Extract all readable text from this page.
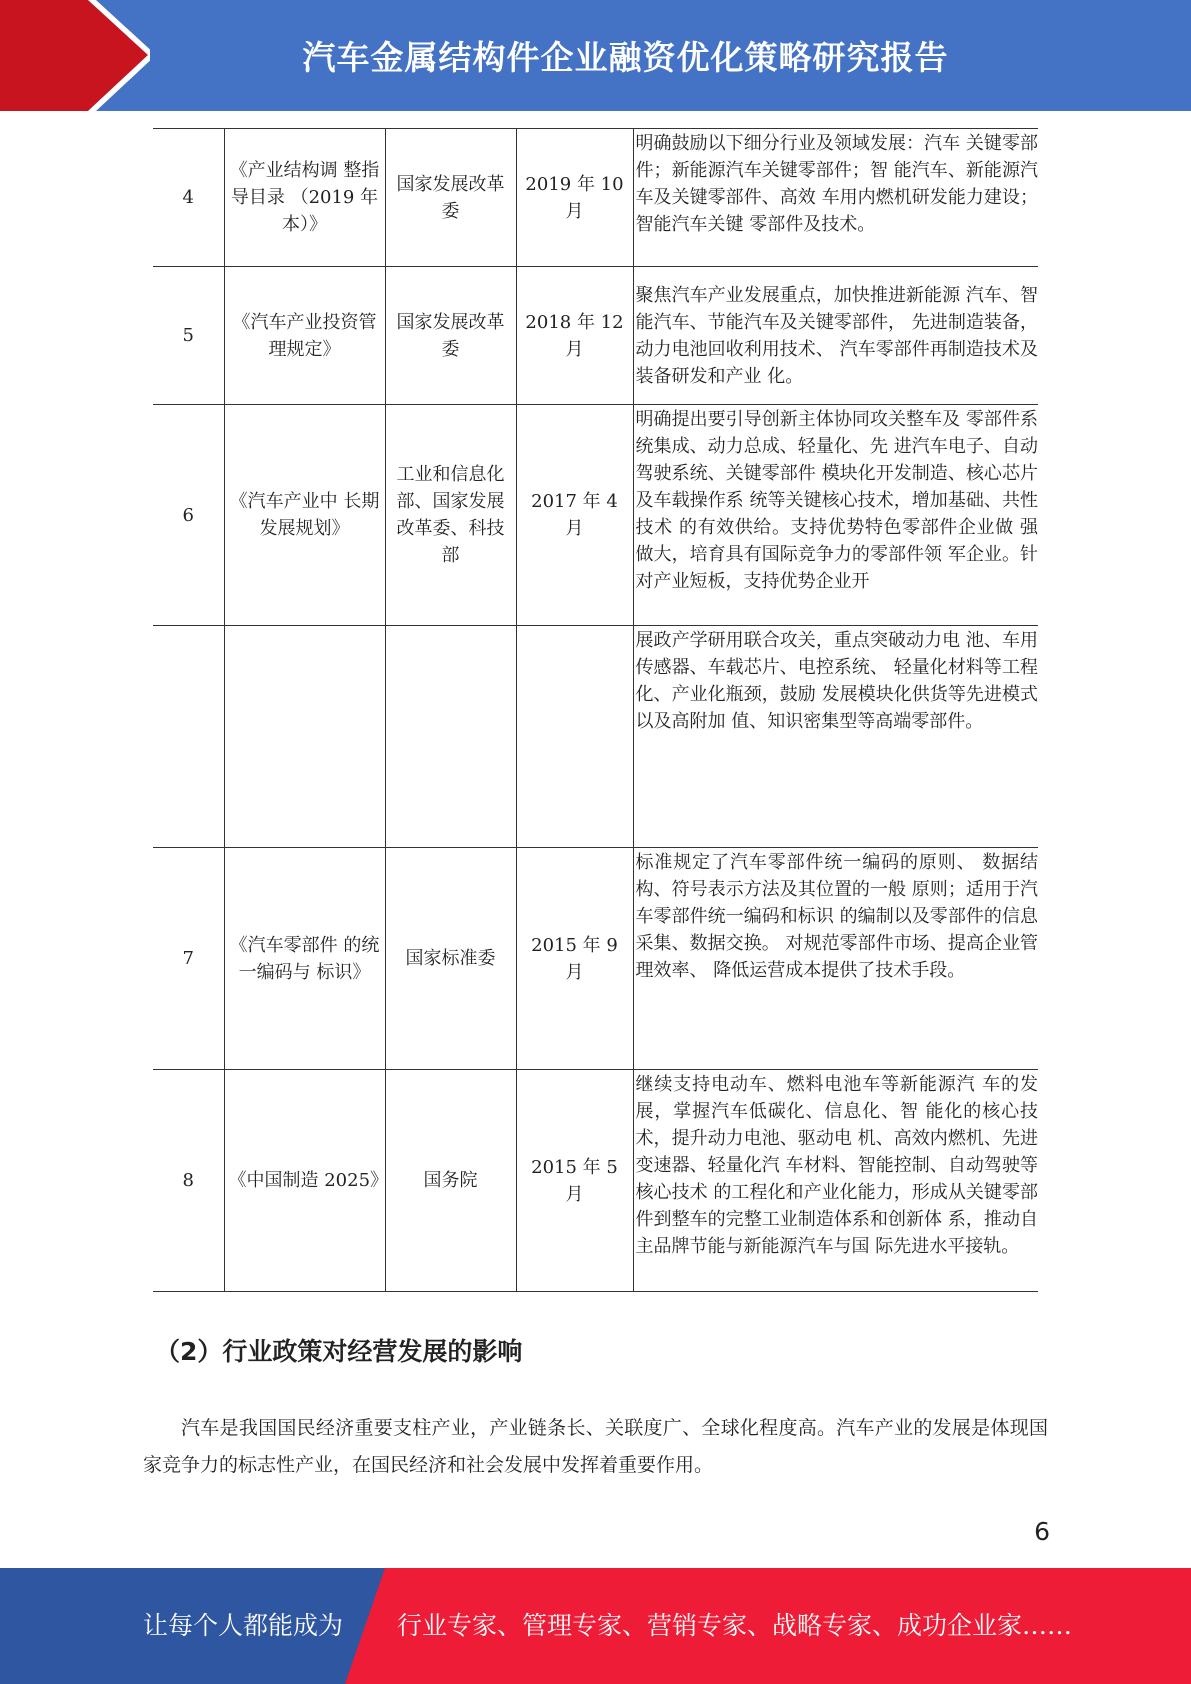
汽车金属结构件企业融资优化策略研究报告
4	《产业结构调 整指导目录 （2019 年本）》	国家发展改革委	2019 年 10 月	明确鼓励以下细分行业及领域发展：汽车 关键零部件；新能源汽车关键零部件；智 能汽车、新能源汽车及关键零部件、高效 车用内燃机研发能力建设；智能汽车关键 零部件及技术。
5	《汽车产业投资管理规定》	国家发展改革委	2018 年 12 月	聚焦汽车产业发展重点，加快推进新能源 汽车、智能汽车、节能汽车及关键零部件， 先进制造装备，动力电池回收利用技术、 汽车零部件再制造技术及装备研发和产业 化。
6	《汽车产业中 长期发展规划》	工业和信息化部、国家发展改革委、科技部	2017 年 4 月	明确提出要引导创新主体协同攻关整车及 零部件系统集成、动力总成、轻量化、先 进汽车电子、自动驾驶系统、关键零部件 模块化开发制造、核心芯片及车载操作系 统等关键核心技术，增加基础、共性技术 的有效供给。支持优势特色零部件企业做 强做大，培育具有国际竞争力的零部件领 军企业。针对产业短板，支持优势企业开
				展政产学研用联合攻关，重点突破动力电 池、车用传感器、车载芯片、电控系统、 轻量化材料等工程化、产业化瓶颈，鼓励 发展模块化供货等先进模式以及高附加 值、知识密集型等高端零部件。
7	《汽车零部件 的统一编码与 标识》	国家标准委	2015 年 9 月	标准规定了汽车零部件统一编码的原则、 数据结构、符号表示方法及其位置的一般 原则；适用于汽车零部件统一编码和标识 的编制以及零部件的信息采集、数据交换。 对规范零部件市场、提高企业管理效率、 降低运营成本提供了技术手段。
8	《中国制造 2025》	国务院	2015 年 5 月	继续支持电动车、燃料电池车等新能源汽 车的发展，掌握汽车低碳化、信息化、智 能化的核心技术，提升动力电池、驱动电 机、高效内燃机、先进变速器、轻量化汽 车材料、智能控制、自动驾驶等核心技术 的工程化和产业化能力，形成从关键零部 件到整车的完整工业制造体系和创新体 系，推动自主品牌节能与新能源汽车与国 际先进水平接轨。
（2）行业政策对经营发展的影响
汽车是我国国民经济重要支柱产业，产业链条长、关联度广、全球化程度高。汽车产业的发展是体现国家竞争力的标志性产业，在国民经济和社会发展中发挥着重要作用。
6
让每个人都能成为 行业专家、管理专家、营销专家、战略专家、成功企业家……
